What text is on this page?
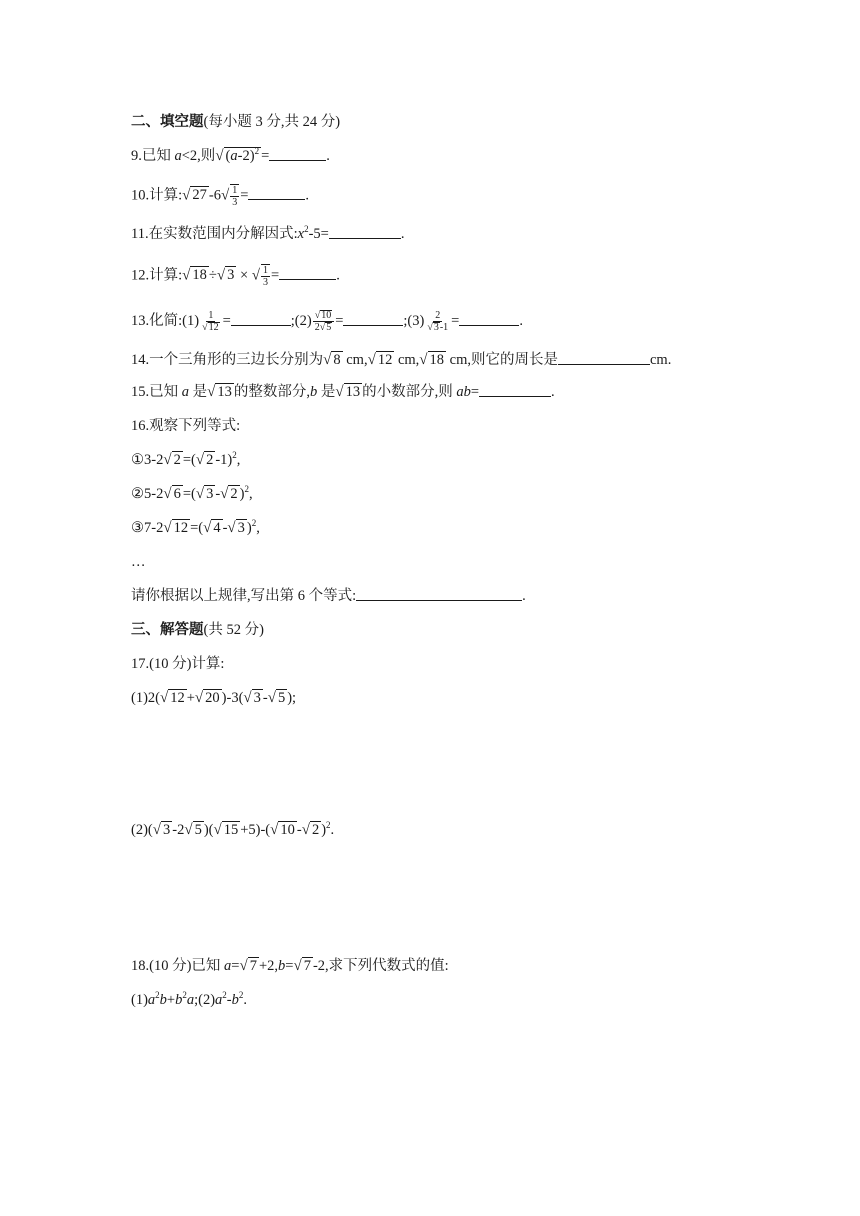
二、填空题(每小题 3 分,共 24 分)
9.已知 a<2,则√ $(a-2)^2$ =	.
10.计算:√ 27 $-6√ \frac{1}{3}$ =	.
11.在实数范围内分解因式$:x^2-5=$	.
12.计算:√ 18 ÷√ 3 × √ $\frac{1}{3}$ =	.
13.化简:(1) $\frac{1}{√12}$ =	;(2) $\frac{√10}{2√5}$ =	;(3) $\frac{2}{√3-1}$ =	.
14.一个三角形的三边长分别为√ 8 cm,√ 12 cm,√ 18 cm,则它的周长是	cm.
15.已知 a 是√ 13 的整数部分,b 是√ 13 的小数部分,则 ab=	.
16.观察下列等式:
①3-2√ 2 =(√ 2 -1)$^2$,
②5-2√ 6 =(√ 3 -√ 2 )$^2$,
③7-2√ 12 =(√ 4 -√ 3 )$^2$,
…
请你根据以上规律,写出第 6 个等式:	.
三、解答题(共 52 分)
17.(10 分)计算:
(1)2(√ 12 +√ 20 )-3(√ 3 -√ 5 );
(2)(√ 3 -2√ 5 )(√ 15 +5)-(√ 10 -√ 2 )$^2$.
18.(10 分)已知 a=√ 7 +2,b=√ 7 -2,求下列代数式的值:
$(1)a^2b+b^2a;(2)a^2-b^2$.
